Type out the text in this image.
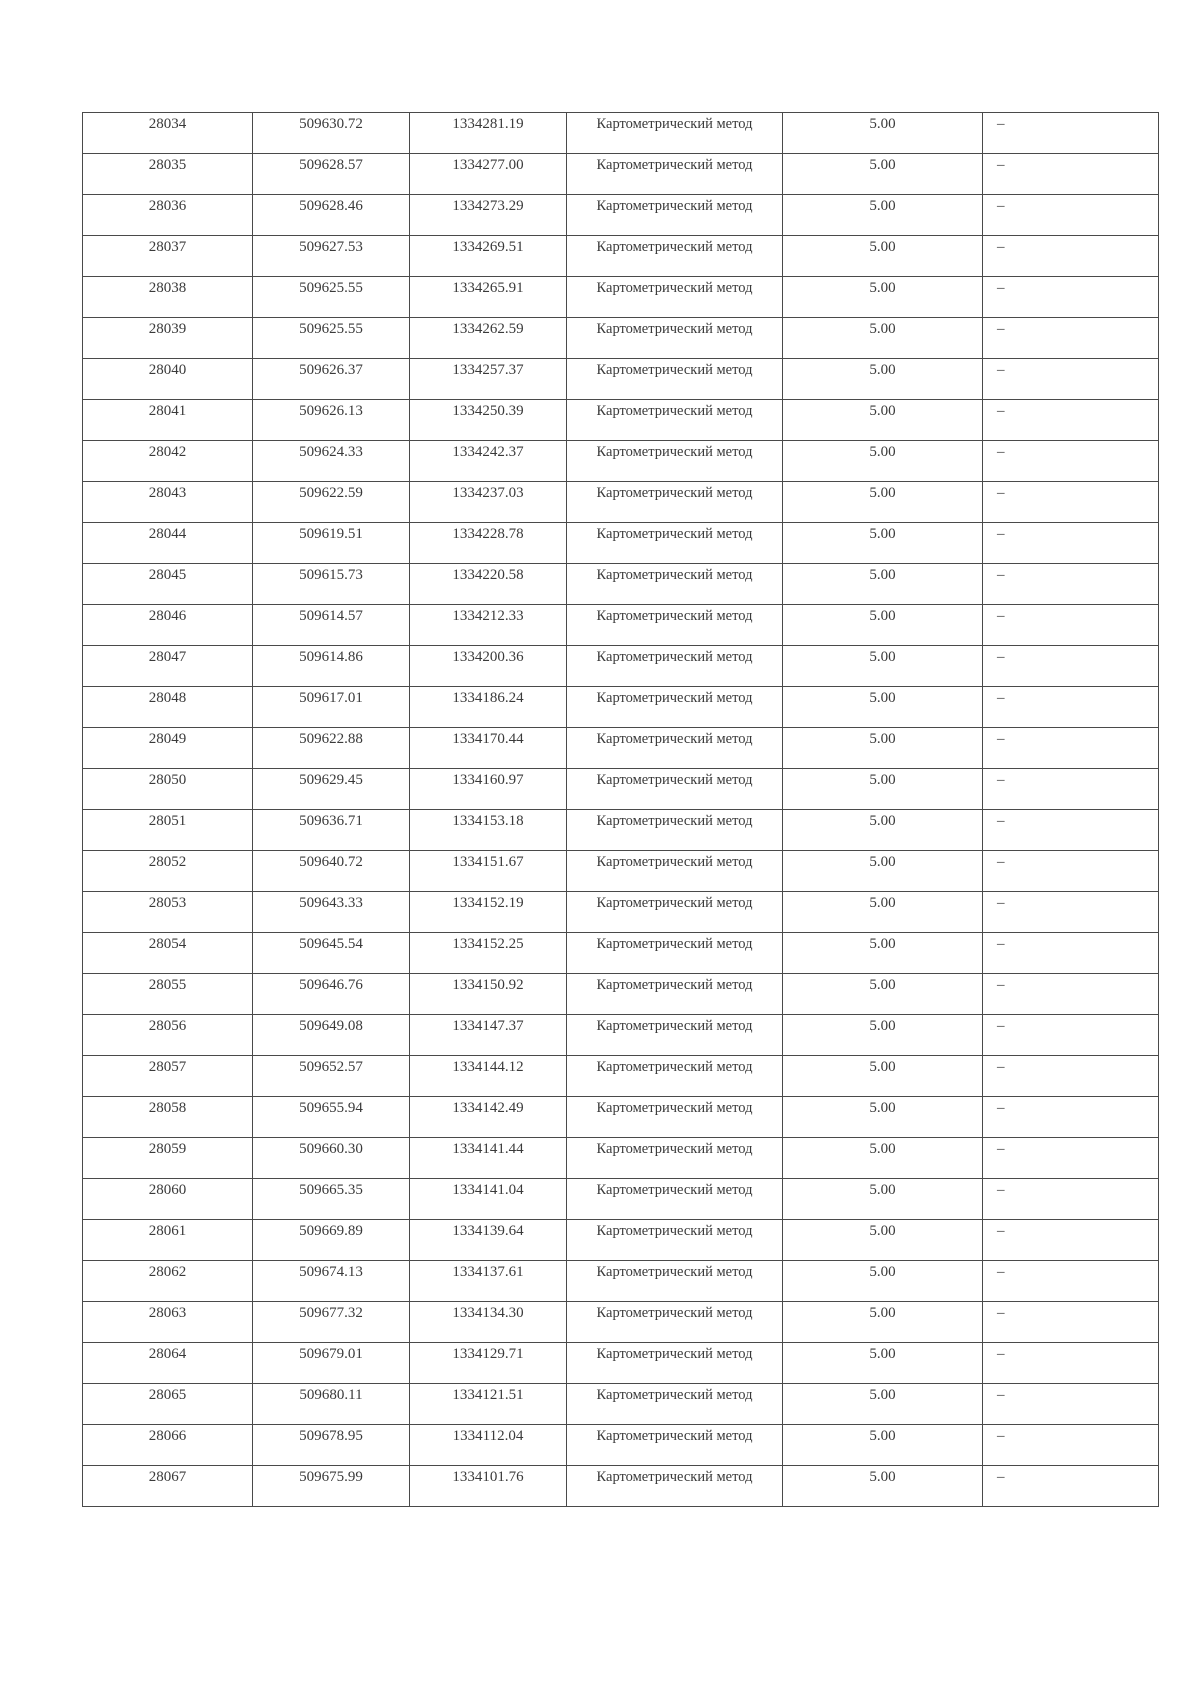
28034	509630.72	1334281.19	Картометрический метод	5.00	–

28035	509628.57	1334277.00	Картометрический метод	5.00	–

28036	509628.46	1334273.29	Картометрический метод	5.00	–

28037	509627.53	1334269.51	Картометрический метод	5.00	–

28038	509625.55	1334265.91	Картометрический метод	5.00	–

28039	509625.55	1334262.59	Картометрический метод	5.00	–

28040	509626.37	1334257.37	Картометрический метод	5.00	–

28041	509626.13	1334250.39	Картометрический метод	5.00	–

28042	509624.33	1334242.37	Картометрический метод	5.00	–

28043	509622.59	1334237.03	Картометрический метод	5.00	–

28044	509619.51	1334228.78	Картометрический метод	5.00	–

28045	509615.73	1334220.58	Картометрический метод	5.00	–

28046	509614.57	1334212.33	Картометрический метод	5.00	–

28047	509614.86	1334200.36	Картометрический метод	5.00	–

28048	509617.01	1334186.24	Картометрический метод	5.00	–

28049	509622.88	1334170.44	Картометрический метод	5.00	–

28050	509629.45	1334160.97	Картометрический метод	5.00	–

28051	509636.71	1334153.18	Картометрический метод	5.00	–

28052	509640.72	1334151.67	Картометрический метод	5.00	–

28053	509643.33	1334152.19	Картометрический метод	5.00	–

28054	509645.54	1334152.25	Картометрический метод	5.00	–

28055	509646.76	1334150.92	Картометрический метод	5.00	–

28056	509649.08	1334147.37	Картометрический метод	5.00	–

28057	509652.57	1334144.12	Картометрический метод	5.00	–

28058	509655.94	1334142.49	Картометрический метод	5.00	–

28059	509660.30	1334141.44	Картометрический метод	5.00	–

28060	509665.35	1334141.04	Картометрический метод	5.00	–

28061	509669.89	1334139.64	Картометрический метод	5.00	–

28062	509674.13	1334137.61	Картометрический метод	5.00	–

28063	509677.32	1334134.30	Картометрический метод	5.00	–

28064	509679.01	1334129.71	Картометрический метод	5.00	–

28065	509680.11	1334121.51	Картометрический метод	5.00	–

28066	509678.95	1334112.04	Картометрический метод	5.00	–

28067	509675.99	1334101.76	Картометрический метод	5.00	–
